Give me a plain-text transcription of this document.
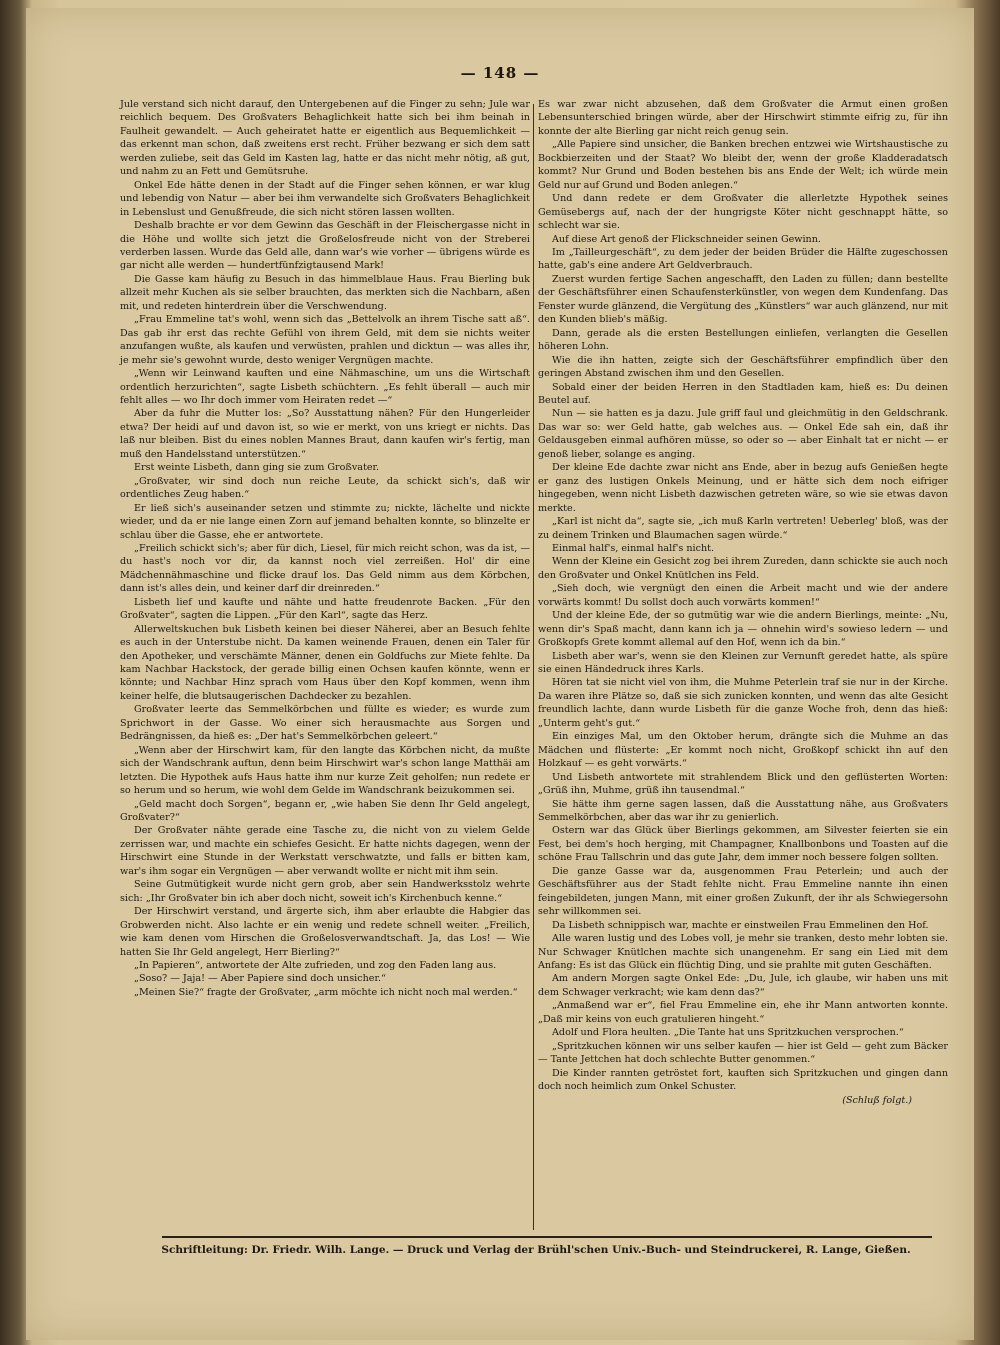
— 148 —

Jule verstand sich nicht darauf, den Untergebenen auf die Finger zu sehn; Jule war reichlich bequem. Des Großvaters Behaglichkeit hatte sich bei ihm beinah in Faulheit gewandelt. — Auch geheiratet hatte er eigentlich aus Bequemlichkeit — das erkennt man schon, daß zweitens erst recht. Früher bezwang er sich dem satt werden zuliebe, seit das Geld im Kasten lag, hatte er das nicht mehr nötig, aß gut, und nahm zu an Fett und Gemütsruhe.

Onkel Ede hätte denen in der Stadt auf die Finger sehen können, er war klug und lebendig von Natur — aber bei ihm verwandelte sich Großvaters Behaglichkeit in Lebenslust und Genußfreude, die sich nicht stören lassen wollten.

Deshalb brachte er vor dem Gewinn das Geschäft in der Fleischergasse nicht in die Höhe und wollte sich jetzt die Großelosfreude nicht von der Streberei verderben lassen. Wurde das Geld alle, dann war's wie vorher — übrigens würde es gar nicht alle werden — hundertfünfzigtausend Mark!

Die Gasse kam häufig zu Besuch in das himmelblaue Haus. Frau Bierling buk allzeit mehr Kuchen als sie selber brauchten, das merkten sich die Nachbarn, aßen mit, und redeten hinterdrein über die Verschwendung.

„Frau Emmeline tat's wohl, wenn sich das „Bettelvolk an ihrem Tische satt aß“. Das gab ihr erst das rechte Gefühl von ihrem Geld, mit dem sie nichts weiter anzufangen wußte, als kaufen und verwüsten, prahlen und dicktun — was alles ihr, je mehr sie's gewohnt wurde, desto weniger Vergnügen machte.

„Wenn wir Leinwand kauften und eine Nähmaschine, um uns die Wirtschaft ordentlich herzurichten“, sagte Lisbeth schüchtern. „Es fehlt überall — auch mir fehlt alles — wo Ihr doch immer vom Heiraten redet —“

Aber da fuhr die Mutter los: „So? Ausstattung nähen? Für den Hungerleider etwa? Der heidi auf und davon ist, so wie er merkt, von uns kriegt er nichts. Das laß nur bleiben. Bist du eines noblen Mannes Braut, dann kaufen wir's fertig, man muß den Handelsstand unterstützen.“

Erst weinte Lisbeth, dann ging sie zum Großvater.

„Großvater, wir sind doch nun reiche Leute, da schickt sich's, daß wir ordentliches Zeug haben.“

Er ließ sich's auseinander setzen und stimmte zu; nickte, lächelte und nickte wieder, und da er nie lange einen Zorn auf jemand behalten konnte, so blinzelte er schlau über die Gasse, ehe er antwortete.

„Freilich schickt sich's; aber für dich, Liesel, für mich reicht schon, was da ist, — du hast's noch vor dir, da kannst noch viel zerreißen. Hol' dir eine Mädchennähmaschine und flicke drauf los. Das Geld nimm aus dem Körbchen, dann ist's alles dein, und keiner darf dir dreinreden.“

Lisbeth lief und kaufte und nähte und hatte freudenrote Backen. „Für den Großvater“, sagten die Lippen. „Für den Karl“, sagte das Herz.

Allerweltskuchen buk Lisbeth keinen bei dieser Näherei, aber an Besuch fehlte es auch in der Unterstube nicht. Da kamen weinende Frauen, denen ein Taler für den Apotheker, und verschämte Männer, denen ein Goldfuchs zur Miete fehlte. Da kam Nachbar Hackstock, der gerade billig einen Ochsen kaufen könnte, wenn er könnte; und Nachbar Hinz sprach vom Haus über den Kopf kommen, wenn ihm keiner helfe, die blutsaugerischen Dachdecker zu bezahlen.

Großvater leerte das Semmelkörbchen und füllte es wieder; es wurde zum Sprichwort in der Gasse. Wo einer sich herausmachte aus Sorgen und Bedrängnissen, da hieß es: „Der hat's Semmelkörbchen geleert.“

„Wenn aber der Hirschwirt kam, für den langte das Körbchen nicht, da mußte sich der Wandschrank auftun, denn beim Hirschwirt war's schon lange Matthäi am letzten. Die Hypothek aufs Haus hatte ihm nur kurze Zeit geholfen; nun redete er so herum und so herum, wie wohl dem Gelde im Wandschrank beizukommen sei.

„Geld macht doch Sorgen“, begann er, „wie haben Sie denn Ihr Geld angelegt, Großvater?“

Der Großvater nähte gerade eine Tasche zu, die nicht von zu vielem Gelde zerrissen war, und machte ein schiefes Gesicht. Er hatte nichts dagegen, wenn der Hirschwirt eine Stunde in der Werkstatt verschwatzte, und falls er bitten kam, war's ihm sogar ein Vergnügen — aber verwandt wollte er nicht mit ihm sein.

Seine Gutmütigkeit wurde nicht gern grob, aber sein Handwerksstolz wehrte sich: „Ihr Großvater bin ich aber doch nicht, soweit ich's Kirchenbuch kenne.“

Der Hirschwirt verstand, und ärgerte sich, ihm aber erlaubte die Habgier das Grobwerden nicht. Also lachte er ein wenig und redete schnell weiter. „Freilich, wie kam denen vom Hirschen die Großelosverwandtschaft. Ja, das Los! — Wie hatten Sie Ihr Geld angelegt, Herr Bierling?“

„In Papieren“, antwortete der Alte zufrieden, und zog den Faden lang aus.

„Soso? — Jaja! — Aber Papiere sind doch unsicher.“

„Meinen Sie?“ fragte der Großvater, „arm möchte ich nicht noch mal werden.“

Es war zwar nicht abzusehen, daß dem Großvater die Armut einen großen Lebensunterschied bringen würde, aber der Hirschwirt stimmte eifrig zu, für ihn konnte der alte Bierling gar nicht reich genug sein.

„Alle Papiere sind unsicher, die Banken brechen entzwei wie Wirtshaustische zu Bockbierzeiten und der Staat? Wo bleibt der, wenn der große Kladderadatsch kommt? Nur Grund und Boden bestehen bis ans Ende der Welt; ich würde mein Geld nur auf Grund und Boden anlegen.“

Und dann redete er dem Großvater die allerletzte Hypothek seines Gemüsebergs auf, nach der der hungrigste Köter nicht geschnappt hätte, so schlecht war sie.

Auf diese Art genoß der Flickschneider seinen Gewinn.

Im „Tailleurgeschäft“, zu dem jeder der beiden Brüder die Hälfte zugeschossen hatte, gab's eine andere Art Geldverbrauch.

Zuerst wurden fertige Sachen angeschafft, den Laden zu füllen; dann bestellte der Geschäftsführer einen Schaufensterkünstler, von wegen dem Kundenfang. Das Fenster wurde glänzend, die Vergütung des „Künstlers“ war auch glänzend, nur mit den Kunden blieb's mäßig.

Dann, gerade als die ersten Bestellungen einliefen, verlangten die Gesellen höheren Lohn.

Wie die ihn hatten, zeigte sich der Geschäftsführer empfindlich über den geringen Abstand zwischen ihm und den Gesellen.

Sobald einer der beiden Herren in den Stadtladen kam, hieß es: Du deinen Beutel auf.

Nun — sie hatten es ja dazu. Jule griff faul und gleichmütig in den Geldschrank. Das war so: wer Geld hatte, gab welches aus. — Onkel Ede sah ein, daß ihr Geldausgeben einmal aufhören müsse, so oder so — aber Einhalt tat er nicht — er genoß lieber, solange es anging.

Der kleine Ede dachte zwar nicht ans Ende, aber in bezug aufs Genießen hegte er ganz des lustigen Onkels Meinung, und er hätte sich dem noch eifriger hingegeben, wenn nicht Lisbeth dazwischen getreten wäre, so wie sie etwas davon merkte.

„Karl ist nicht da“, sagte sie, „ich muß Karln vertreten! Ueberleg' bloß, was der zu deinem Trinken und Blaumachen sagen würde.“

Einmal half's, einmal half's nicht.

Wenn der Kleine ein Gesicht zog bei ihrem Zureden, dann schickte sie auch noch den Großvater und Onkel Knütlchen ins Feld.

„Sieh doch, wie vergnügt den einen die Arbeit macht und wie der andere vorwärts kommt! Du sollst doch auch vorwärts kommen!“

Und der kleine Ede, der so gutmütig war wie die andern Bierlings, meinte: „Nu, wenn dir's Spaß macht, dann kann ich ja — ohnehin wird's sowieso ledern — und Großkopfs Grete kommt allemal auf den Hof, wenn ich da bin.“

Lisbeth aber war's, wenn sie den Kleinen zur Vernunft geredet hatte, als spüre sie einen Händedruck ihres Karls.

Hören tat sie nicht viel von ihm, die Muhme Peterlein traf sie nur in der Kirche. Da waren ihre Plätze so, daß sie sich zunicken konnten, und wenn das alte Gesicht freundlich lachte, dann wurde Lisbeth für die ganze Woche froh, denn das hieß: „Unterm geht's gut.“

Ein einziges Mal, um den Oktober herum, drängte sich die Muhme an das Mädchen und flüsterte: „Er kommt noch nicht, Großkopf schickt ihn auf den Holzkauf — es geht vorwärts.“

Und Lisbeth antwortete mit strahlendem Blick und den geflüsterten Worten: „Grüß ihn, Muhme, grüß ihn tausendmal.“

Sie hätte ihm gerne sagen lassen, daß die Ausstattung nähe, aus Großvaters Semmelkörbchen, aber das war ihr zu genierlich.

Ostern war das Glück über Bierlings gekommen, am Silvester feierten sie ein Fest, bei dem's hoch herging, mit Champagner, Knallbonbons und Toasten auf die schöne Frau Tallschrin und das gute Jahr, dem immer noch bessere folgen sollten.

Die ganze Gasse war da, ausgenommen Frau Peterlein; und auch der Geschäftsführer aus der Stadt fehlte nicht. Frau Emmeline nannte ihn einen feingebildeten, jungen Mann, mit einer großen Zukunft, der ihr als Schwiegersohn sehr willkommen sei.

Da Lisbeth schnippisch war, machte er einstweilen Frau Emmelinen den Hof.

Alle waren lustig und des Lobes voll, je mehr sie tranken, desto mehr lobten sie. Nur Schwager Knütlchen machte sich unangenehm. Er sang ein Lied mit dem Anfang: Es ist das Glück ein flüchtig Ding, und sie prahlte mit guten Geschäften.

Am andern Morgen sagte Onkel Ede: „Du, Jule, ich glaube, wir haben uns mit dem Schwager verkracht; wie kam denn das?“

„Anmaßend war er“, fiel Frau Emmeline ein, ehe ihr Mann antworten konnte. „Daß mir keins von euch gratulieren hingeht.“

Adolf und Flora heulten. „Die Tante hat uns Spritzkuchen versprochen.“

„Spritzkuchen können wir uns selber kaufen — hier ist Geld — geht zum Bäcker — Tante Jettchen hat doch schlechte Butter genommen.“

Die Kinder rannten getröstet fort, kauften sich Spritzkuchen und gingen dann doch noch heimlich zum Onkel Schuster.

(Schluß folgt.)

Schriftleitung: Dr. Friedr. Wilh. Lange. — Druck und Verlag der Brühl'schen Univ.-Buch- und Steindruckerei, R. Lange, Gießen.
